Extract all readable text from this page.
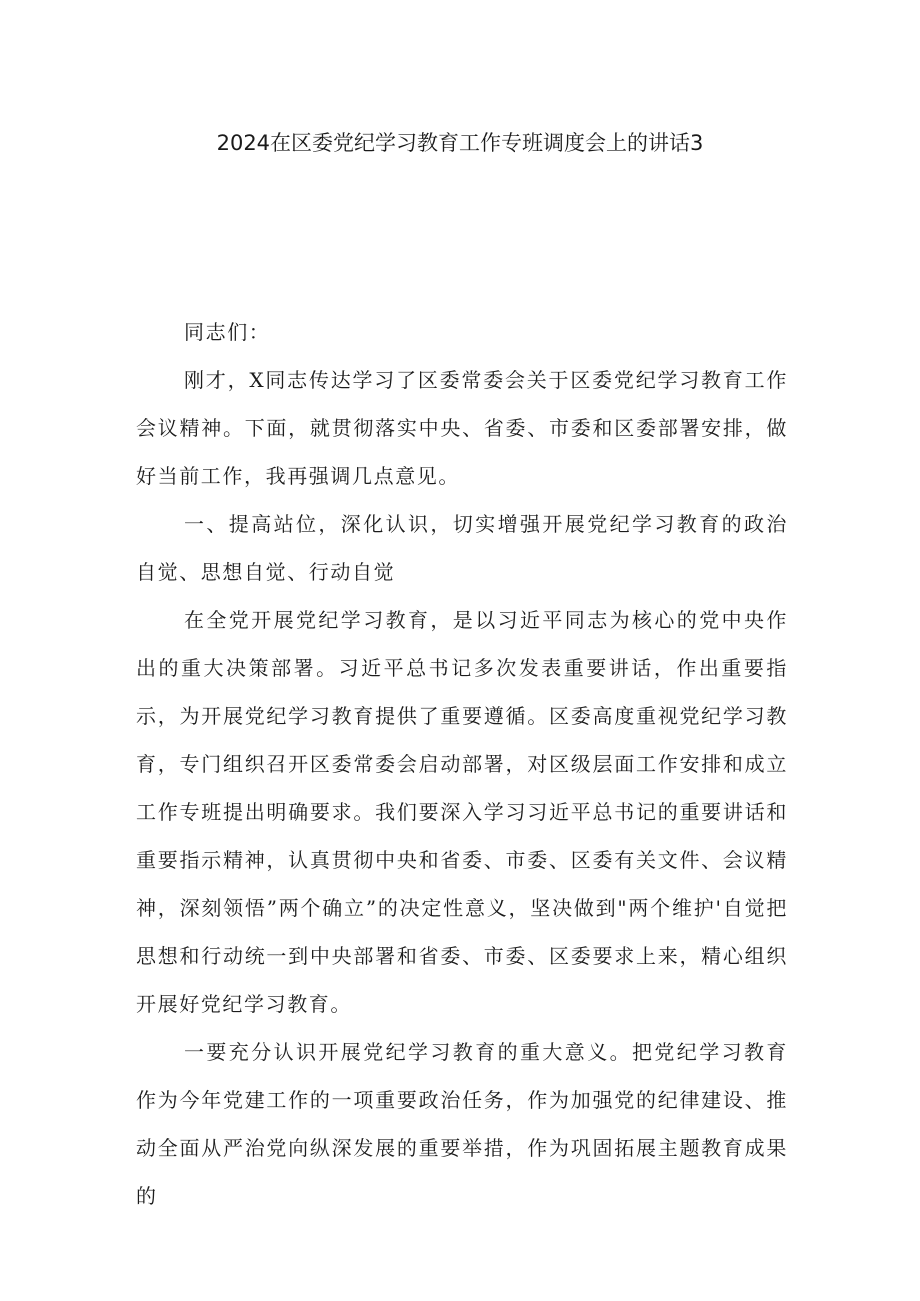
2024在区委党纪学习教育工作专班调度会上的讲话3

同志们：

刚才，X同志传达学习了区委常委会关于区委党纪学习教育工作会议精神。下面，就贯彻落实中央、省委、市委和区委部署安排，做好当前工作，我再强调几点意见。

一、提高站位，深化认识，切实增强开展党纪学习教育的政治自觉、思想自觉、行动自觉

在全党开展党纪学习教育，是以习近平同志为核心的党中央作出的重大决策部署。习近平总书记多次发表重要讲话，作出重要指示，为开展党纪学习教育提供了重要遵循。区委高度重视党纪学习教育，专门组织召开区委常委会启动部署，对区级层面工作安排和成立工作专班提出明确要求。我们要深入学习习近平总书记的重要讲话和重要指示精神，认真贯彻中央和省委、市委、区委有关文件、会议精神，深刻领悟”两个确立”的决定性意义，坚决做到"两个维护'自觉把思想和行动统一到中央部署和省委、市委、区委要求上来，精心组织开展好党纪学习教育。

一要充分认识开展党纪学习教育的重大意义。把党纪学习教育作为今年党建工作的一项重要政治任务，作为加强党的纪律建设、推动全面从严治党向纵深发展的重要举措，作为巩固拓展主题教育成果的
